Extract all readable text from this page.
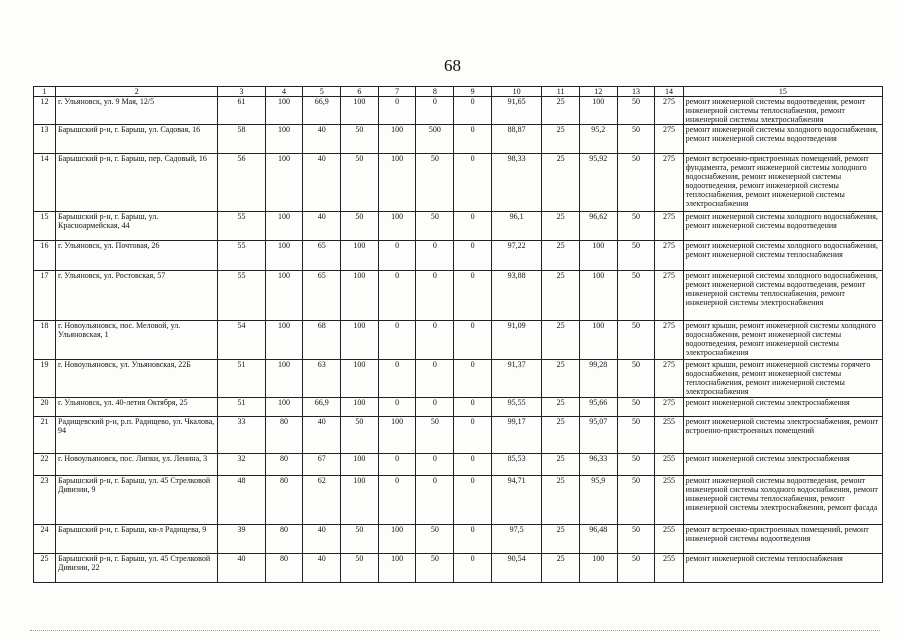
68
1	2	3	4	5	6	7	8	9	10	11	12	13	14	15
12	г. Ульяновск, ул. 9 Мая, 12/5	61	100	66,9	100	0	0	0	91,65	25	100	50	275	ремонт инженерной системы водоотведения, ремонт инженерной системы теплоснабжения, ремонт инженерной системы электроснабжения
13	Барышский р-н, г. Барыш, ул. Садовая, 16	58	100	40	50	100	500	0	88,87	25	95,2	50	275	ремонт инженерной системы холодного водоснабжения, ремонт инженерной системы водоотведения
14	Барышский р-н, г. Барыш, пер. Садовый, 16	56	100	40	50	100	50	0	98,33	25	95,92	50	275	ремонт встроенно-пристроенных помещений, ремонт фундамента, ремонт инженерной системы холодного водоснабжения, ремонт инженерной системы водоотведения, ремонт инженерной системы теплоснабжения, ремонт инженерной системы электроснабжения
15	Барышский р-н, г. Барыш, ул. Красноармейская, 44	55	100	40	50	100	50	0	96,1	25	96,62	50	275	ремонт инженерной системы холодного водоснабжения, ремонт инженерной системы водоотведения
16	г. Ульяновск, ул. Почтовая, 26	55	100	65	100	0	0	0	97,22	25	100	50	275	ремонт инженерной системы холодного водоснабжения, ремонт инженерной системы теплоснабжения
17	г. Ульяновск, ул. Ростовская, 57	55	100	65	100	0	0	0	93,88	25	100	50	275	ремонт инженерной системы холодного водоснабжения, ремонт инженерной системы водоотведения, ремонт инженерной системы теплоснабжения, ремонт инженерной системы электроснабжения
18	г. Новоульяновск, пос. Меловой, ул. Ульяновская, 1	54	100	68	100	0	0	0	91,09	25	100	50	275	ремонт крыши, ремонт инженерной системы холодного водоснабжения, ремонт инженерной системы водоотведения, ремонт инженерной системы электроснабжения
19	г. Новоульяновск, ул. Ульяновская, 22Б	51	100	63	100	0	0	0	91,37	25	99,28	50	275	ремонт крыши, ремонт инженерной системы горячего водоснабжения, ремонт инженерной системы теплоснабжения, ремонт инженерной системы электроснабжения
20	г. Ульяновск, ул. 40-летия Октября, 25	51	100	66,9	100	0	0	0	95,55	25	95,66	50	275	ремонт инженерной системы электроснабжения
21	Радищевский р-н, р.п. Радищево, ул. Чкалова, 94	33	80	40	50	100	50	0	99,17	25	95,07	50	255	ремонт инженерной системы электроснабжения, ремонт встроенно-пристроенных помещений
22	г. Новоульяновск, пос. Липки, ул. Ленина, 3	32	80	67	100	0	0	0	85,53	25	96,33	50	255	ремонт инженерной системы электроснабжения
23	Барышский р-н, г. Барыш, ул. 45 Стрелковой Дивизии, 9	48	80	62	100	0	0	0	94,71	25	95,9	50	255	ремонт инженерной системы водоотведения, ремонт инженерной системы холодного водоснабжения, ремонт инженерной системы теплоснабжения, ремонт инженерной системы электроснабжения, ремонт фасада
24	Барышский р-н, г. Барыш, кв-л Радищева, 9	39	80	40	50	100	50	0	97,5	25	96,48	50	255	ремонт встроенно-пристроенных помещений, ремонт инженерной системы водоотведения
25	Барышский р-н, г. Барыш, ул. 45 Стрелковой Дивизии, 22	40	80	40	50	100	50	0	90,54	25	100	50	255	ремонт инженерной системы теплоснабжения
